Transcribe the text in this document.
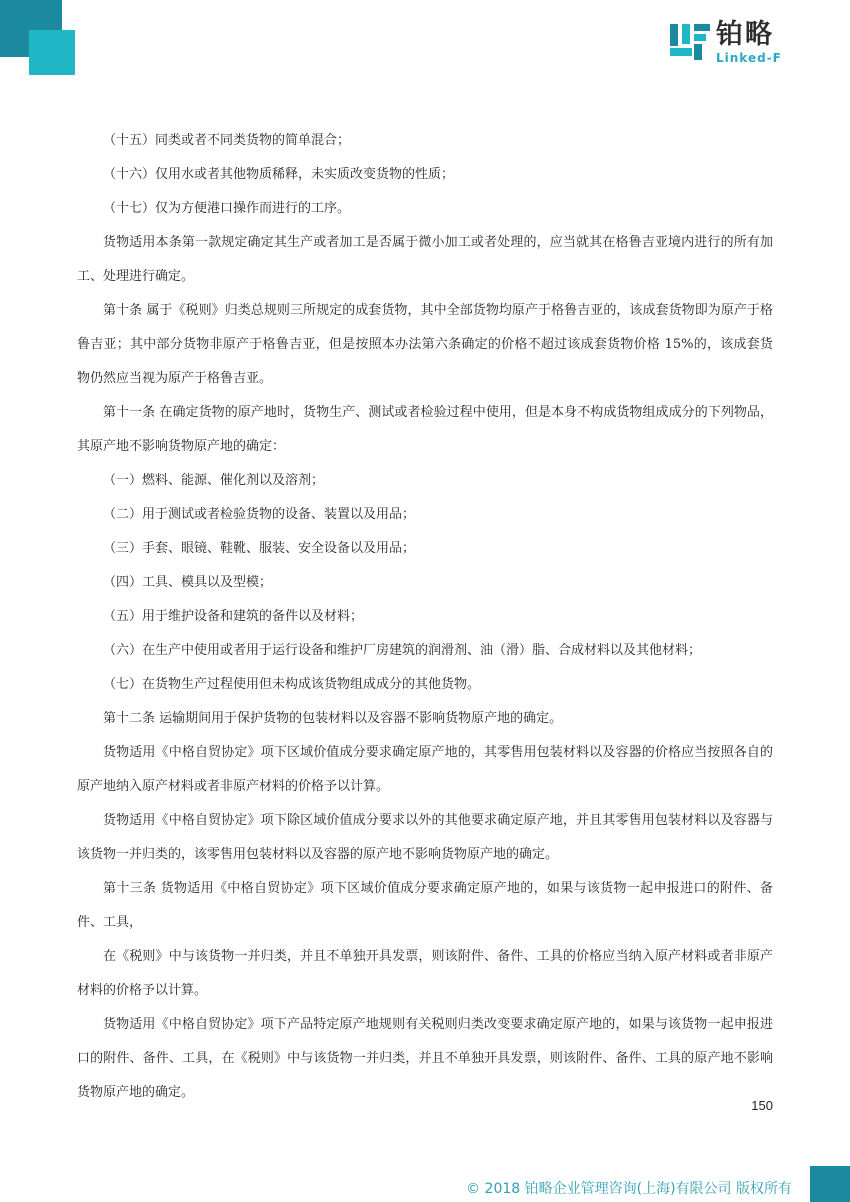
铂略
Linked-F

（十五）同类或者不同类货物的简单混合；

（十六）仅用水或者其他物质稀释，未实质改变货物的性质；

（十七）仅为方便港口操作而进行的工序。

货物适用本条第一款规定确定其生产或者加工是否属于微小加工或者处理的，应当就其在格鲁吉亚境内进行的所有加工、处理进行确定。

第十条 属于《税则》归类总规则三所规定的成套货物，其中全部货物均原产于格鲁吉亚的，该成套货物即为原产于格鲁吉亚；其中部分货物非原产于格鲁吉亚，但是按照本办法第六条确定的价格不超过该成套货物价格 15%的，该成套货物仍然应当视为原产于格鲁吉亚。

第十一条 在确定货物的原产地时，货物生产、测试或者检验过程中使用，但是本身不构成货物组成成分的下列物品，其原产地不影响货物原产地的确定：

（一）燃料、能源、催化剂以及溶剂；

（二）用于测试或者检验货物的设备、装置以及用品；

（三）手套、眼镜、鞋靴、服装、安全设备以及用品；

（四）工具、模具以及型模；

（五）用于维护设备和建筑的备件以及材料；

（六）在生产中使用或者用于运行设备和维护厂房建筑的润滑剂、油（滑）脂、合成材料以及其他材料；

（七）在货物生产过程使用但未构成该货物组成成分的其他货物。

第十二条 运输期间用于保护货物的包装材料以及容器不影响货物原产地的确定。

货物适用《中格自贸协定》项下区域价值成分要求确定原产地的，其零售用包装材料以及容器的价格应当按照各自的原产地纳入原产材料或者非原产材料的价格予以计算。

货物适用《中格自贸协定》项下除区域价值成分要求以外的其他要求确定原产地，并且其零售用包装材料以及容器与该货物一并归类的，该零售用包装材料以及容器的原产地不影响货物原产地的确定。

第十三条 货物适用《中格自贸协定》项下区域价值成分要求确定原产地的，如果与该货物一起申报进口的附件、备件、工具，

在《税则》中与该货物一并归类，并且不单独开具发票，则该附件、备件、工具的价格应当纳入原产材料或者非原产材料的价格予以计算。

货物适用《中格自贸协定》项下产品特定原产地规则有关税则归类改变要求确定原产地的，如果与该货物一起申报进口的附件、备件、工具，在《税则》中与该货物一并归类，并且不单独开具发票，则该附件、备件、工具的原产地不影响货物原产地的确定。

150
© 2018 铂略企业管理咨询(上海)有限公司 版权所有
